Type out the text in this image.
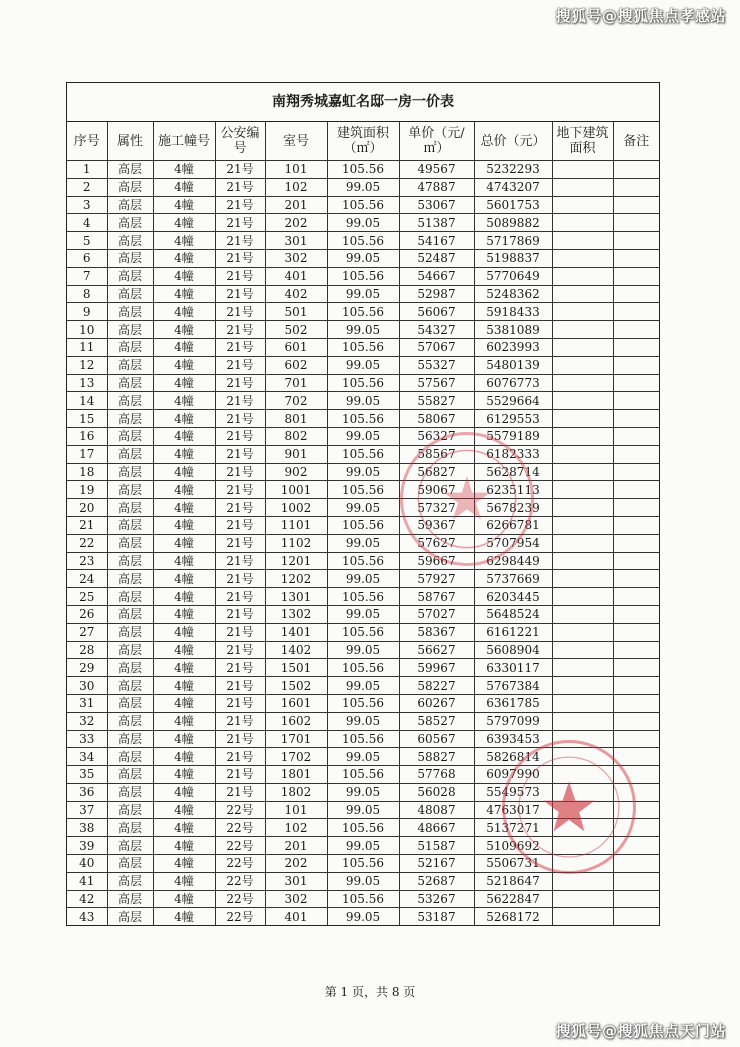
搜狐号@搜狐焦点孝感站
南翔秀城嘉虹名邸一房一价表
序号	属性	施工幢号	公安编号	室号	建筑面积（㎡）	单价（元/㎡）	总价（元）	地下建筑面积	备注
1	高层	4幢	21号	101	105.56	49567	5232293		
2	高层	4幢	21号	102	99.05	47887	4743207		
3	高层	4幢	21号	201	105.56	53067	5601753		
4	高层	4幢	21号	202	99.05	51387	5089882		
5	高层	4幢	21号	301	105.56	54167	5717869		
6	高层	4幢	21号	302	99.05	52487	5198837		
7	高层	4幢	21号	401	105.56	54667	5770649		
8	高层	4幢	21号	402	99.05	52987	5248362		
9	高层	4幢	21号	501	105.56	56067	5918433		
10	高层	4幢	21号	502	99.05	54327	5381089		
11	高层	4幢	21号	601	105.56	57067	6023993		
12	高层	4幢	21号	602	99.05	55327	5480139		
13	高层	4幢	21号	701	105.56	57567	6076773		
14	高层	4幢	21号	702	99.05	55827	5529664		
15	高层	4幢	21号	801	105.56	58067	6129553		
16	高层	4幢	21号	802	99.05	56327	5579189		
17	高层	4幢	21号	901	105.56	58567	6182333		
18	高层	4幢	21号	902	99.05	56827	5628714		
19	高层	4幢	21号	1001	105.56	59067	6235113		
20	高层	4幢	21号	1002	99.05	57327	5678239		
21	高层	4幢	21号	1101	105.56	59367	6266781		
22	高层	4幢	21号	1102	99.05	57627	5707954		
23	高层	4幢	21号	1201	105.56	59667	6298449		
24	高层	4幢	21号	1202	99.05	57927	5737669		
25	高层	4幢	21号	1301	105.56	58767	6203445		
26	高层	4幢	21号	1302	99.05	57027	5648524		
27	高层	4幢	21号	1401	105.56	58367	6161221		
28	高层	4幢	21号	1402	99.05	56627	5608904		
29	高层	4幢	21号	1501	105.56	59967	6330117		
30	高层	4幢	21号	1502	99.05	58227	5767384		
31	高层	4幢	21号	1601	105.56	60267	6361785		
32	高层	4幢	21号	1602	99.05	58527	5797099		
33	高层	4幢	21号	1701	105.56	60567	6393453		
34	高层	4幢	21号	1702	99.05	58827	5826814		
35	高层	4幢	21号	1801	105.56	57768	6097990		
36	高层	4幢	21号	1802	99.05	56028	5549573		
37	高层	4幢	22号	101	99.05	48087	4763017		
38	高层	4幢	22号	102	105.56	48667	5137271		
39	高层	4幢	22号	201	99.05	51587	5109692		
40	高层	4幢	22号	202	105.56	52167	5506731		
41	高层	4幢	22号	301	99.05	52687	5218647		
42	高层	4幢	22号	302	105.56	53267	5622847		
43	高层	4幢	22号	401	99.05	53187	5268172		
第 1 页，共 8 页
搜狐号@搜狐焦点天门站
